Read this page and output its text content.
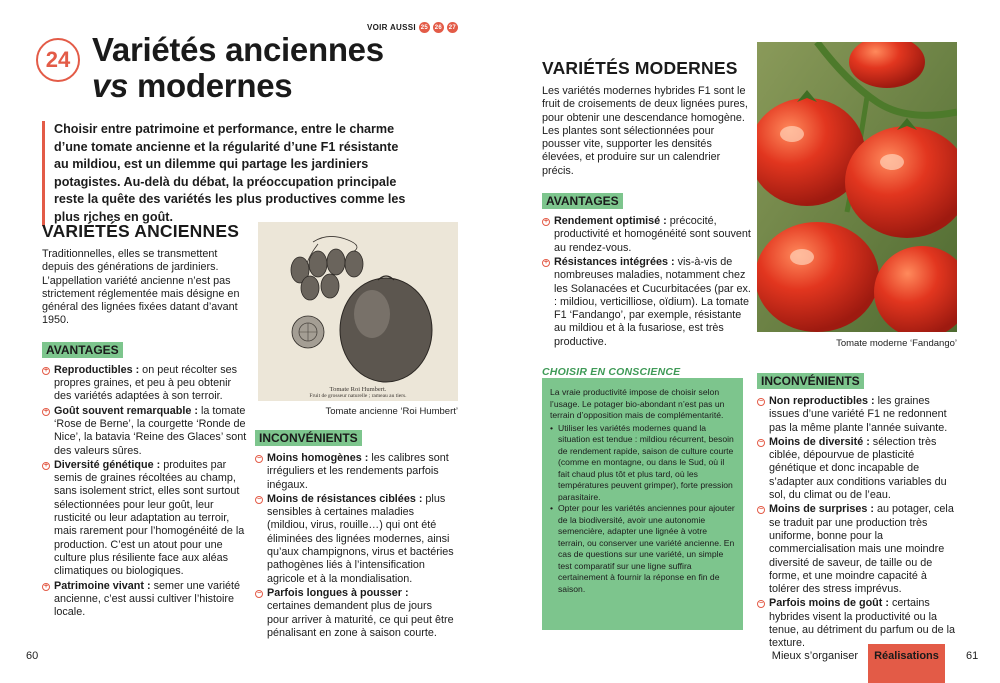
VOIR AUSSI 25	26	27
24 Variétés anciennes
vs modernes
Choisir entre patrimoine et performance, entre le charme d’une tomate ancienne et la régularité d’une F1 résistante au mildiou, est un dilemme qui partage les jardiniers potagistes. Au-delà du débat, la préoccupation principale reste la quête des variétés les plus productives comme les plus riches en goût.
VARIÉTÉS ANCIENNES

Traditionnelles, elles se transmettent depuis des générations de jardiniers. L’appellation variété ancienne n’est pas strictement réglementée mais désigne en général des lignées fixées datant d’avant 1950.

AVANTAGES
+ Reproductibles : on peut récolter ses propres graines, et peu à peu obtenir des variétés adaptées à son terroir.
+ Goût souvent remarquable : la tomate ‘Rose de Berne’, la courgette ‘Ronde de Nice’, la batavia ‘Reine des Glaces’ sont des valeurs sûres.
+ Diversité génétique : produites par semis de graines récoltées au champ, sans isolement strict, elles sont surtout sélectionnées pour leur goût, leur rusticité ou leur adaptation au terroir, mais rarement pour l’homogénéité de la production. C’est un atout pour une culture plus résiliente face aux aléas climatiques ou biologiques.
+ Patrimoine vivant : semer une variété ancienne, c’est aussi cultiver l’histoire locale.
Tomate Roi Humbert.
Fruit de grosseur naturelle ; rameau au tiers.
Tomate ancienne ‘Roi Humbert’
INCONVÉNIENTS
− Moins homogènes : les calibres sont irréguliers et les rendements parfois inégaux.
− Moins de résistances ciblées : plus sensibles à certaines maladies (mildiou, virus, rouille…) qui ont été éliminées des lignées modernes, ainsi qu’aux champignons, virus et bactéries pathogènes liés à l’intensification agricole et à la mondialisation.
− Parfois longues à pousser : certaines demandent plus de jours pour arriver à maturité, ce qui peut être pénalisant en zone à saison courte.
60
VARIÉTÉS MODERNES

Les variétés modernes hybrides F1 sont le fruit de croisements de deux lignées pures, pour obtenir une descendance homogène. Les plantes sont sélectionnées pour pousser vite, supporter les densités élevées, et produire sur un calendrier précis.

AVANTAGES
+ Rendement optimisé : précocité, productivité et homogénéité sont souvent au rendez-vous.
+ Résistances intégrées : vis-à-vis de nombreuses maladies, notamment chez les Solanacées et Cucurbitacées (par ex. : mildiou, verticilliose, oïdium). La tomate F1 ‘Fandango’, par exemple, résistante au mildiou et à la fusariose, est très productive.	Tomate moderne ‘Fandango’
INCONVÉNIENTS
− Non reproductibles : les graines issues d’une variété F1 ne redonnent pas la même plante l’année suivante.
− Moins de diversité : sélection très ciblée, dépourvue de plasticité génétique et donc incapable de s’adapter aux conditions variables du sol, du climat ou de l’eau.
− Moins de surprises : au potager, cela se traduit par une production très uniforme, bonne pour la commercialisation mais une moindre diversité de saveur, de taille ou de forme, et une moindre capacité à tolérer des stress imprévus.
− Parfois moins de goût : certains hybrides visent la productivité ou la tenue, au détriment du parfum ou de la texture.
Mieux s’organiser	61
CHOISIR EN CONSCIENCE

La vraie productivité impose de choisir selon l’usage. Le potager bio-abondant n’est pas un terrain d’opposition mais de complémentarité.

• Utiliser les variétés modernes quand la situation est tendue : mildiou récurrent, besoin de rendement rapide, saison de culture courte (comme en montagne, ou dans le Sud, où il fait chaud plus tôt et plus tard, où les températures peuvent grimper), forte pression parasitaire.
• Opter pour les variétés anciennes pour ajouter de la biodiversité, avoir une autonomie semencière, adapter une lignée à votre terrain, ou conserver une variété ancienne. En cas de questions sur une variété, un simple test comparatif sur une ligne suffira certainement à fournir la réponse en fin de saison.
Réalisations
